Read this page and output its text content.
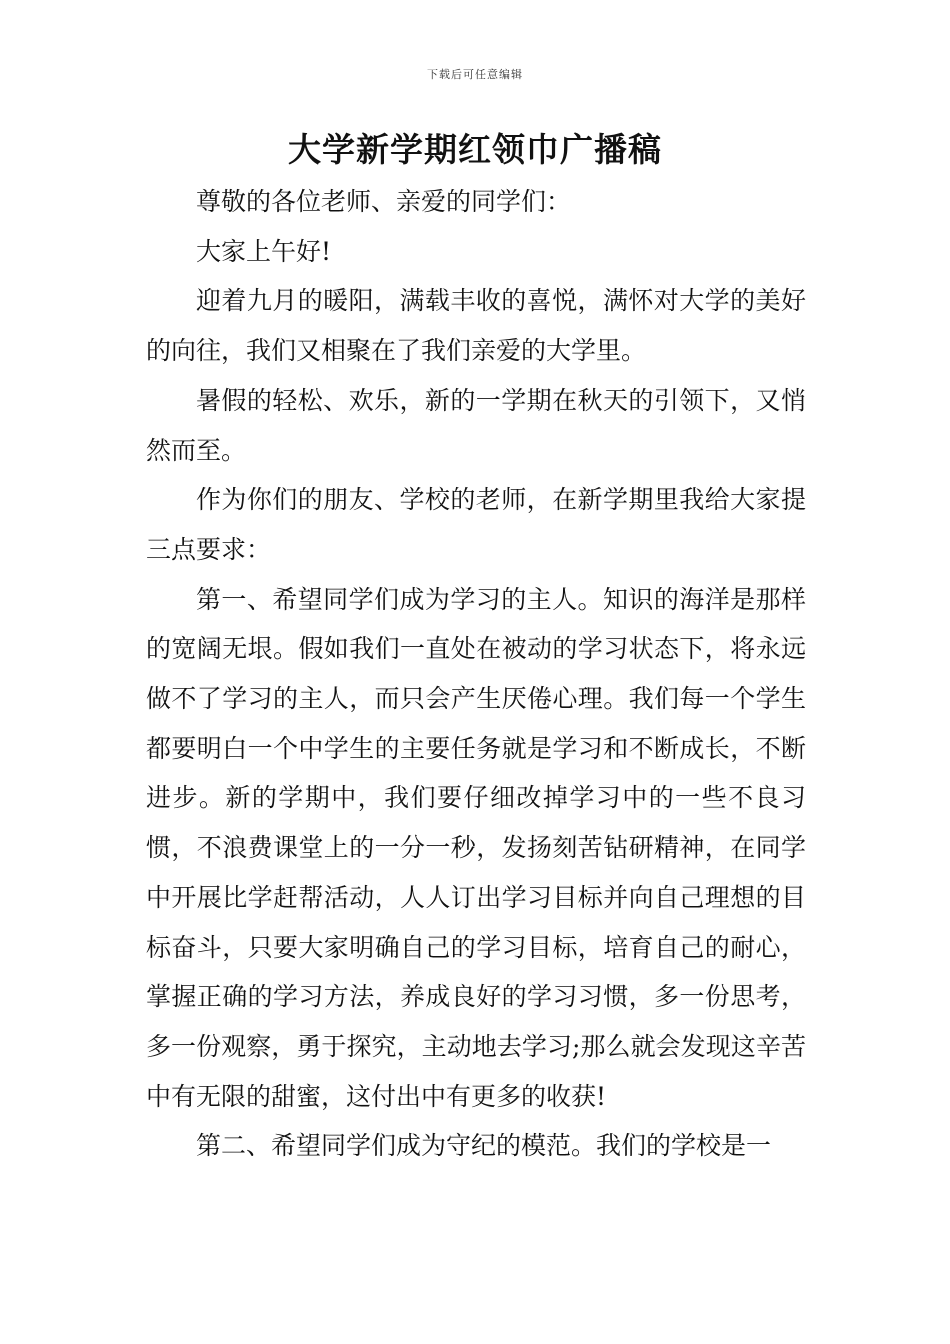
下载后可任意编辑
大学新学期红领巾广播稿

尊敬的各位老师、亲爱的同学们：

大家上午好!

迎着九月的暖阳，满载丰收的喜悦，满怀对大学的美好的向往，我们又相聚在了我们亲爱的大学里。

暑假的轻松、欢乐，新的一学期在秋天的引领下，又悄然而至。

作为你们的朋友、学校的老师，在新学期里我给大家提三点要求：

第一、希望同学们成为学习的主人。知识的海洋是那样的宽阔无垠。假如我们一直处在被动的学习状态下，将永远做不了学习的主人，而只会产生厌倦心理。我们每一个学生都要明白一个中学生的主要任务就是学习和不断成长，不断进步。新的学期中，我们要仔细改掉学习中的一些不良习惯，不浪费课堂上的一分一秒，发扬刻苦钻研精神，在同学中开展比学赶帮活动，人人订出学习目标并向自己理想的目标奋斗，只要大家明确自己的学习目标，培育自己的耐心，掌握正确的学习方法，养成良好的学习习惯，多一份思考，多一份观察，勇于探究，主动地去学习;那么就会发现这辛苦中有无限的甜蜜，这付出中有更多的收获!

第二、希望同学们成为守纪的模范。我们的学校是一
